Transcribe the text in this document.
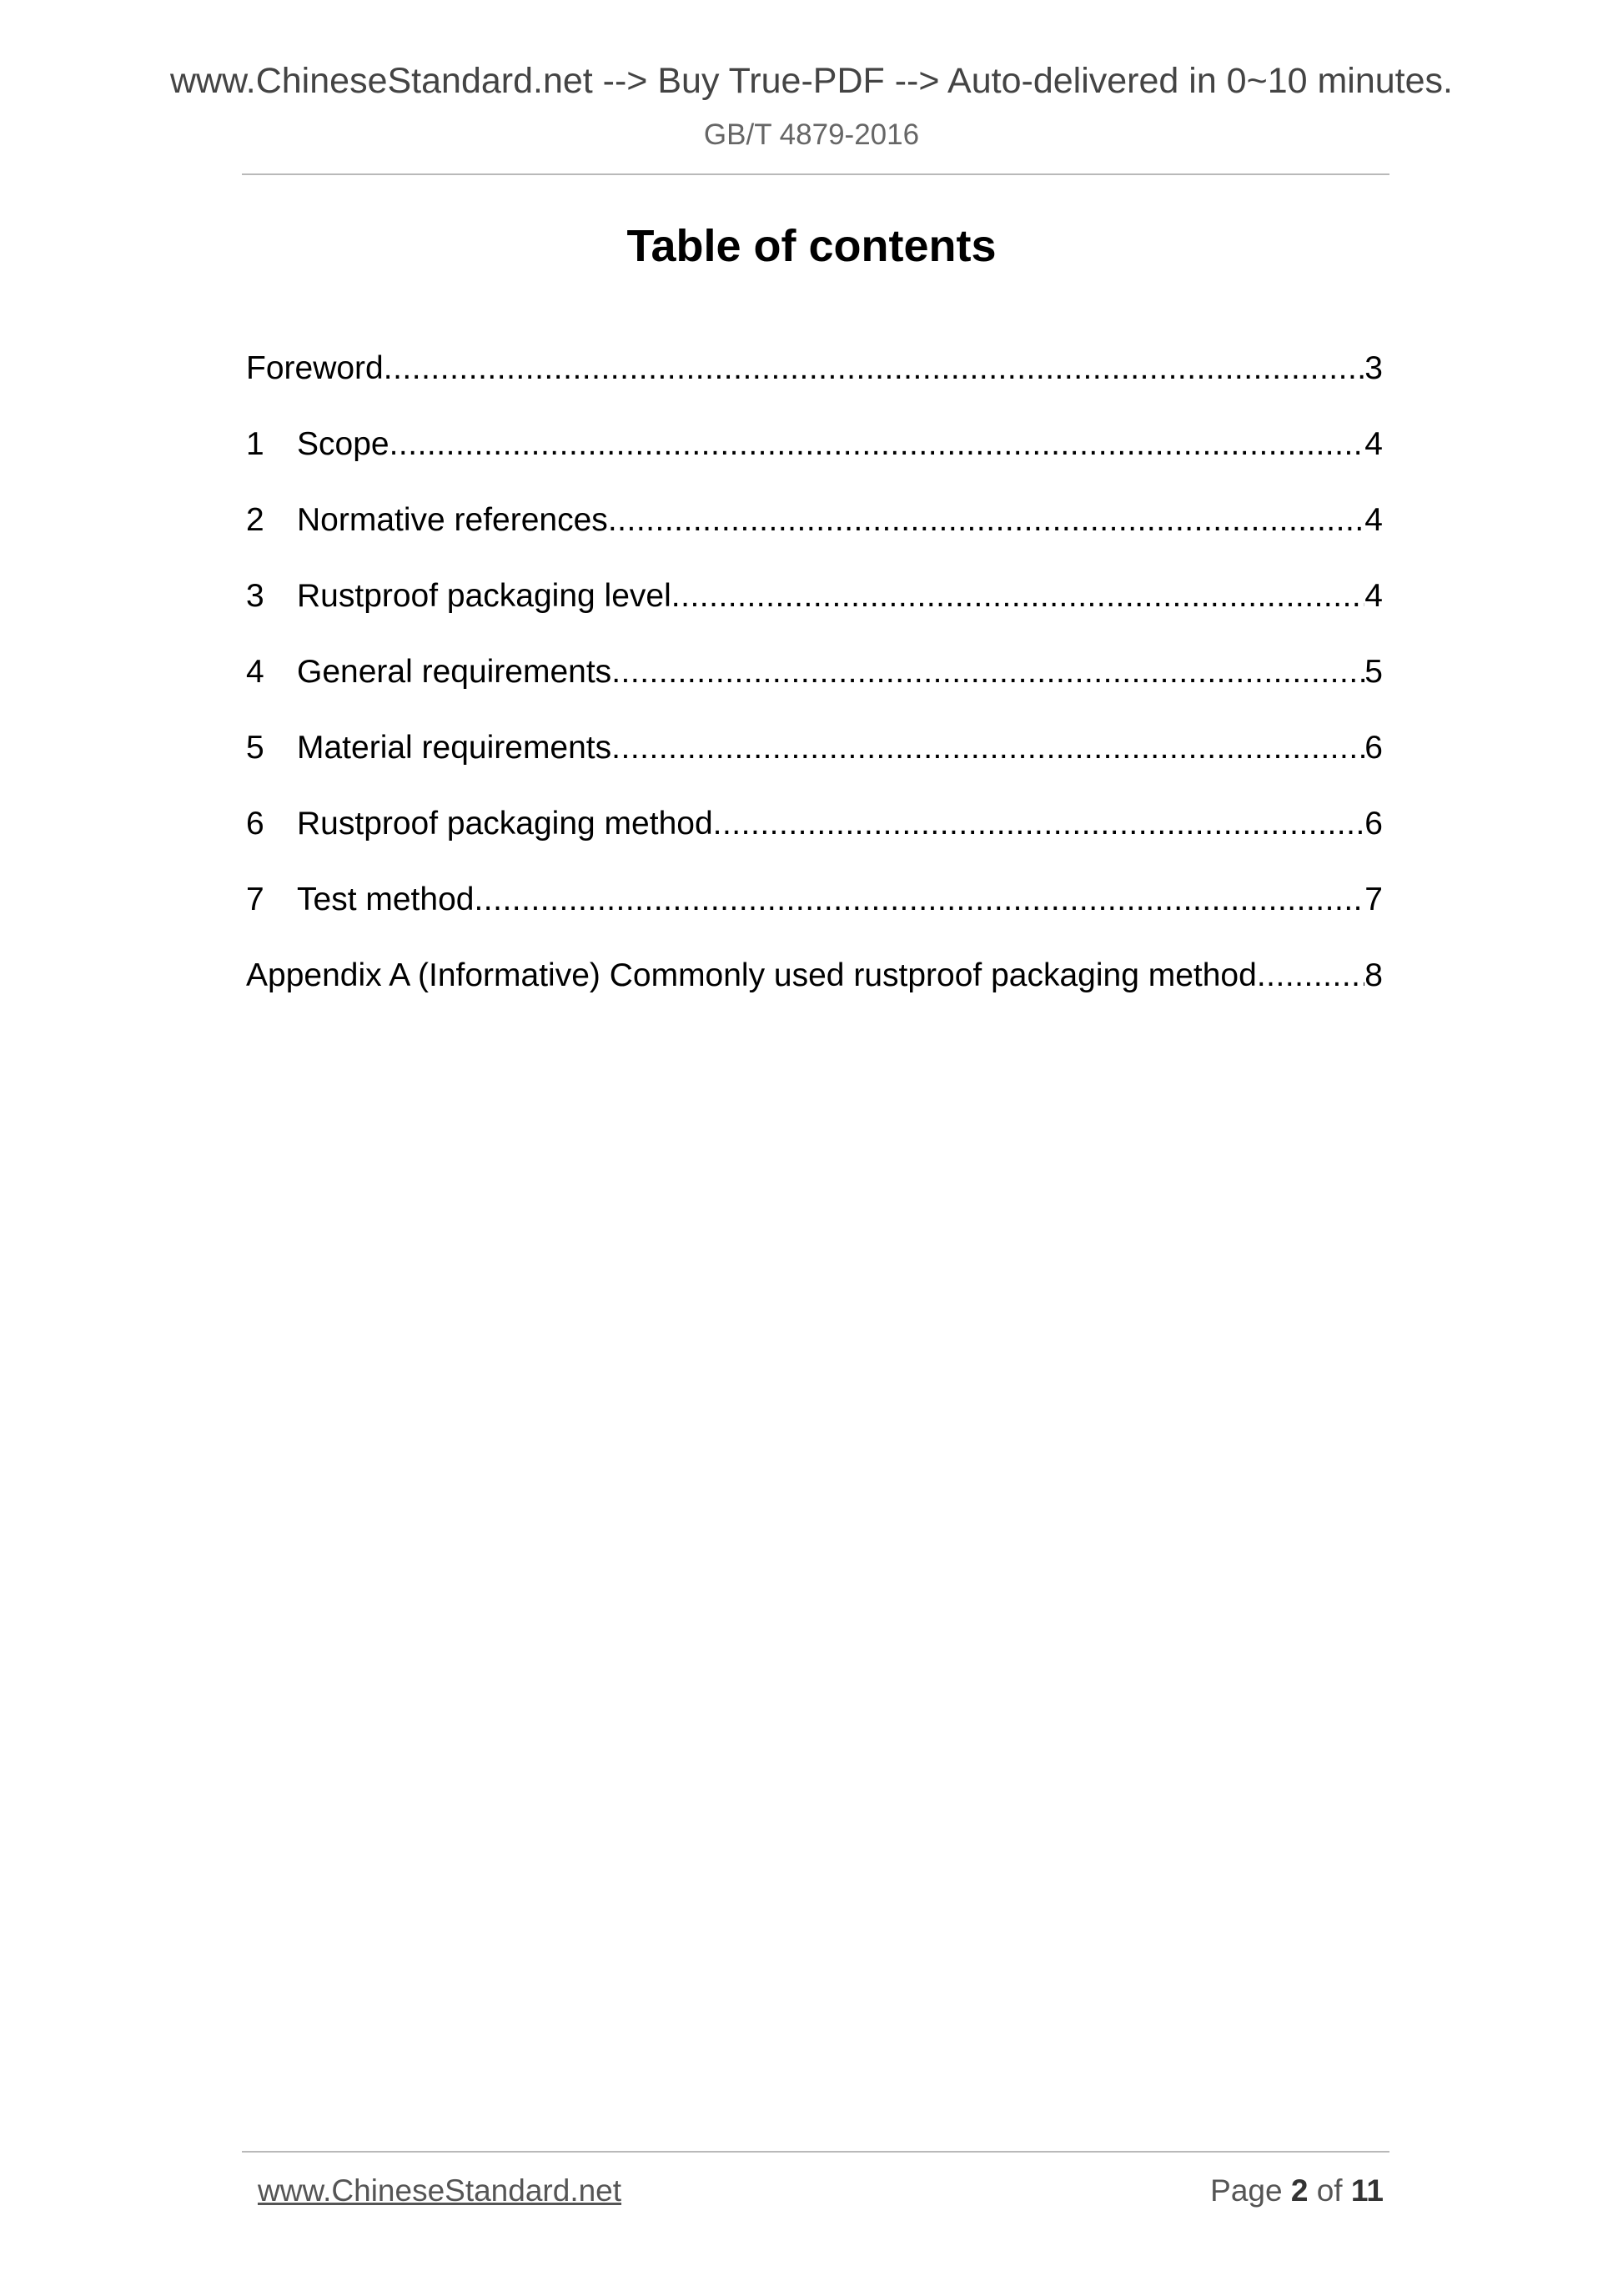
www.ChineseStandard.net --> Buy True-PDF --> Auto-delivered in 0~10 minutes.
GB/T 4879-2016
Table of contents
Foreword .....	3
1	Scope .....	4
2	Normative references .....	4
3	Rustproof packaging level .....	4
4	General requirements .....	5
5	Material requirements .....	6
6	Rustproof packaging method .....	6
7	Test method .....	7
Appendix A (Informative) Commonly used rustproof packaging method .....	8
www.ChineseStandard.net	Page 2 of 11
